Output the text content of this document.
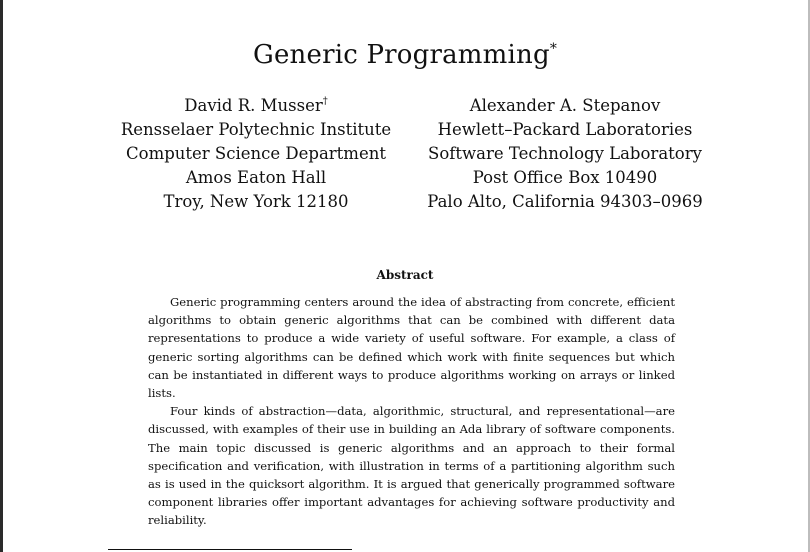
Generic Programming*
David R. Musser†
Rensselaer Polytechnic Institute
Computer Science Department
Amos Eaton Hall
Troy, New York 12180
Alexander A. Stepanov
Hewlett–Packard Laboratories
Software Technology Laboratory
Post Office Box 10490
Palo Alto, California 94303–0969
Abstract

Generic programming centers around the idea of abstracting from concrete, efficient algorithms to obtain generic algorithms that can be combined with different data representations to produce a wide variety of useful software. For example, a class of generic sorting algorithms can be defined which work with finite sequences but which can be instantiated in different ways to produce algorithms working on arrays or linked lists.

Four kinds of abstraction—data, algorithmic, structural, and representational—are discussed, with examples of their use in building an Ada library of software components. The main topic discussed is generic algorithms and an approach to their formal specification and verification, with illustration in terms of a partitioning algorithm such as is used in the quicksort algorithm. It is argued that generically programmed software component libraries offer important advantages for achieving software productivity and reliability.
